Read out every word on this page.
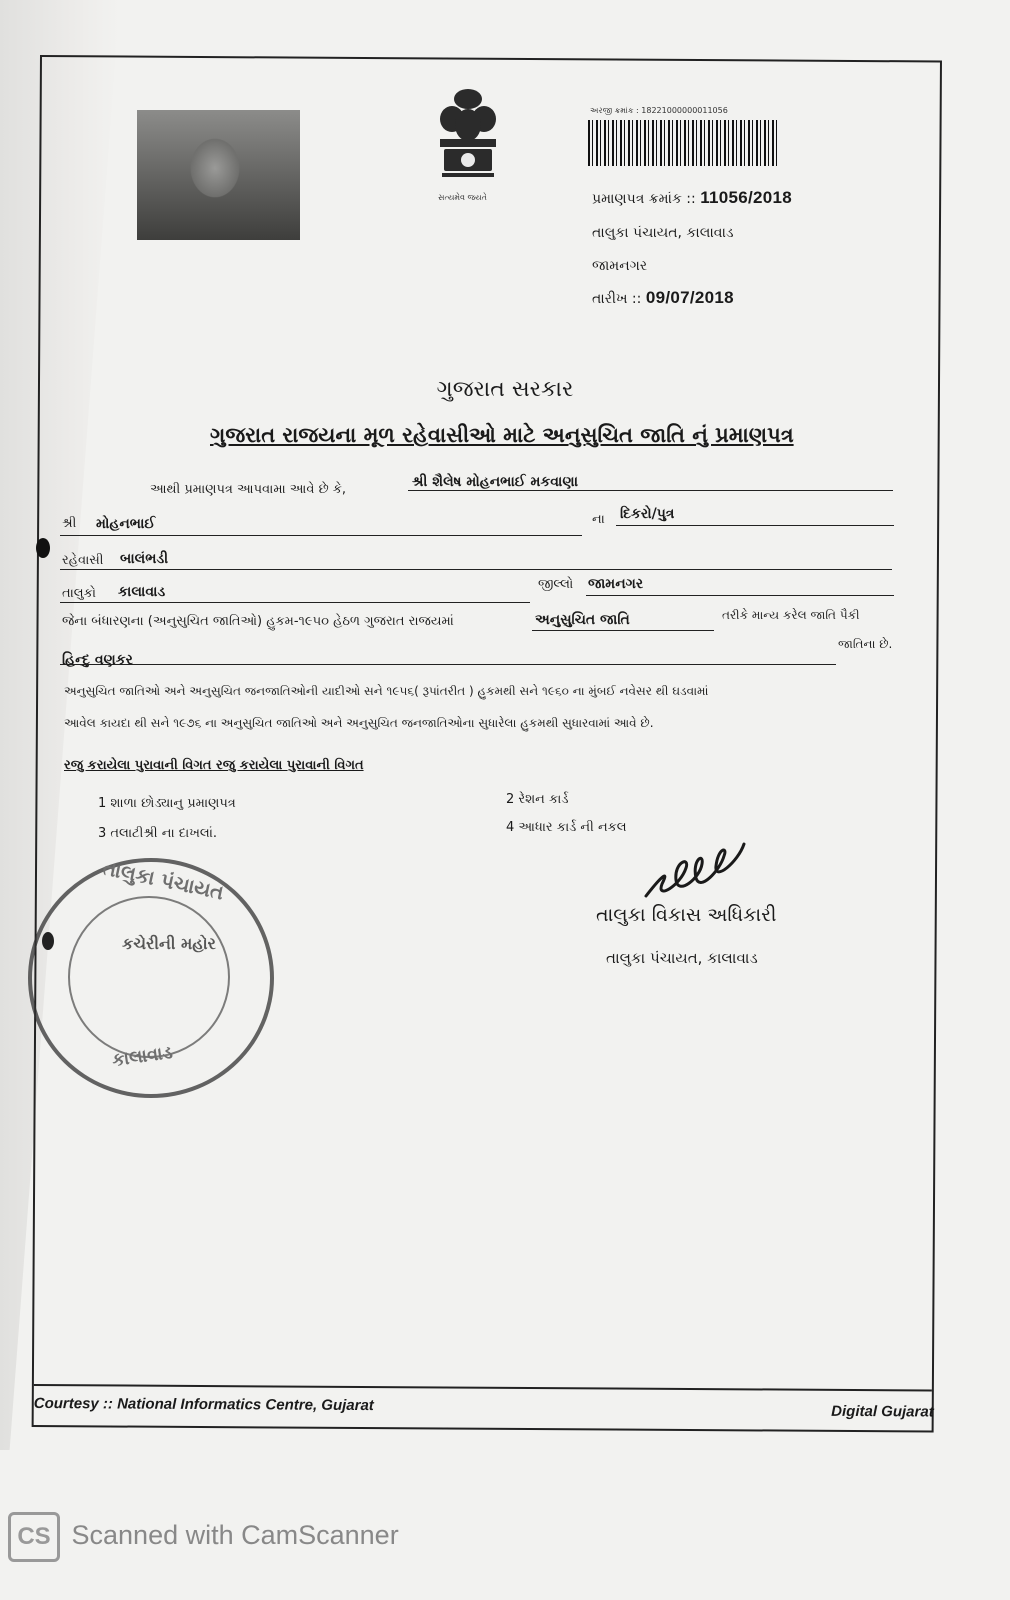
Courtesy :: National Informatics Centre, Gujarat	Digital Gujarat
સત્યમેવ જયતે
અરજી ક્રમાંક : 18221000000011056
પ્રમાણપત્ર ક્રમાંક :: 11056/2018
તાલુકા પંચાયત, કાલાવાડ
જામનગર
તારીખ :: 09/07/2018
ગુજરાત સરકાર
ગુજરાત રાજયના મૂળ રહેવાસીઓ માટે અનુસુચિત જાતિ નું પ્રમાણપત્ર
આથી પ્રમાણપત્ર આપવામા આવે છે કે,	શ્રી શૈલેષ મોહનભાઈ મકવાણા
શ્રી મોહનભાઈ	ના દિકરો/પુત્ર
રહેવાસી બાલંભડી
તાલુકો કાલાવાડ	જીલ્લો જામનગર
જેના બંધારણના (અનુસુચિત જાતિઓ) હુકમ-૧૯૫૦ હેઠળ ગુજરાત રાજયમાં	અનુસુચિત જાતિ	તરીકે માન્ય કરેલ જાતિ પૈકી
જાતિના છે.
હિન્દુ વણકર
અનુસુચિત જાતિઓ અને અનુસુચિત જનજાતિઓની યાદીઓ સને ૧૯૫૬( રૂપાંતરીત ) હુકમથી સને ૧૯૬૦ ના મુંબઈ નવેસર થી ઘડવામાં
આવેલ કાયદા થી સને ૧૯૭૬ ના અનુસુચિત જાતિઓ અને અનુસુચિત જનજાતિઓના સુધારેલા હુકમથી સુધારવામાં આવે છે.
રજુ કરાયેલા પુરાવાની વિગત રજુ કરાયેલા પુરાવાની વિગત
1 શાળા છોડ્યાનુ પ્રમાણપત્ર	2 રેશન કાર્ડ
3 તલાટીશ્રી ના દાખલાં.	4 આધાર કાર્ડ ની નકલ
તાલુકા પંચાયત
કાલાવાડ
કચેરીની મહોર
તાલુકા વિકાસ અધિકારી
તાલુકા પંચાયત, કાલાવાડ
CS Scanned with CamScanner
